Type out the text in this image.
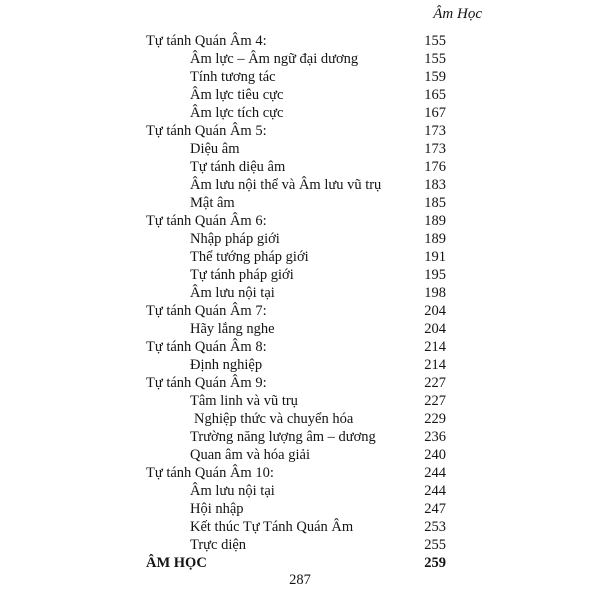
Âm Học
Tự tánh Quán Âm 4:	155
Âm lực – Âm ngữ đại dương	155
Tính tương tác	159
Âm lực tiêu cực	165
Âm lực tích cực	167
Tự tánh Quán Âm 5:	173
Diệu âm	173
Tự tánh diệu âm	176
Âm lưu nội thể và Âm lưu vũ trụ	183
Mật âm	185
Tự tánh Quán Âm 6:	189
Nhập pháp giới	189
Thể tướng pháp giới	191
Tự tánh pháp giới	195
Âm lưu nội tại	198
Tự tánh Quán Âm 7:	204
Hãy lắng nghe	204
Tự tánh Quán Âm 8:	214
Định nghiệp	214
Tự tánh Quán Âm 9:	227
Tâm linh và vũ trụ	227
Nghiệp thức và chuyển hóa	229
Trường năng lượng âm – dương	236
Quan âm và hóa giải	240
Tự tánh Quán Âm 10:	244
Âm lưu nội tại	244
Hội nhập	247
Kết thúc Tự Tánh Quán Âm	253
Trực diện	255
ÂM HỌC	259
287
